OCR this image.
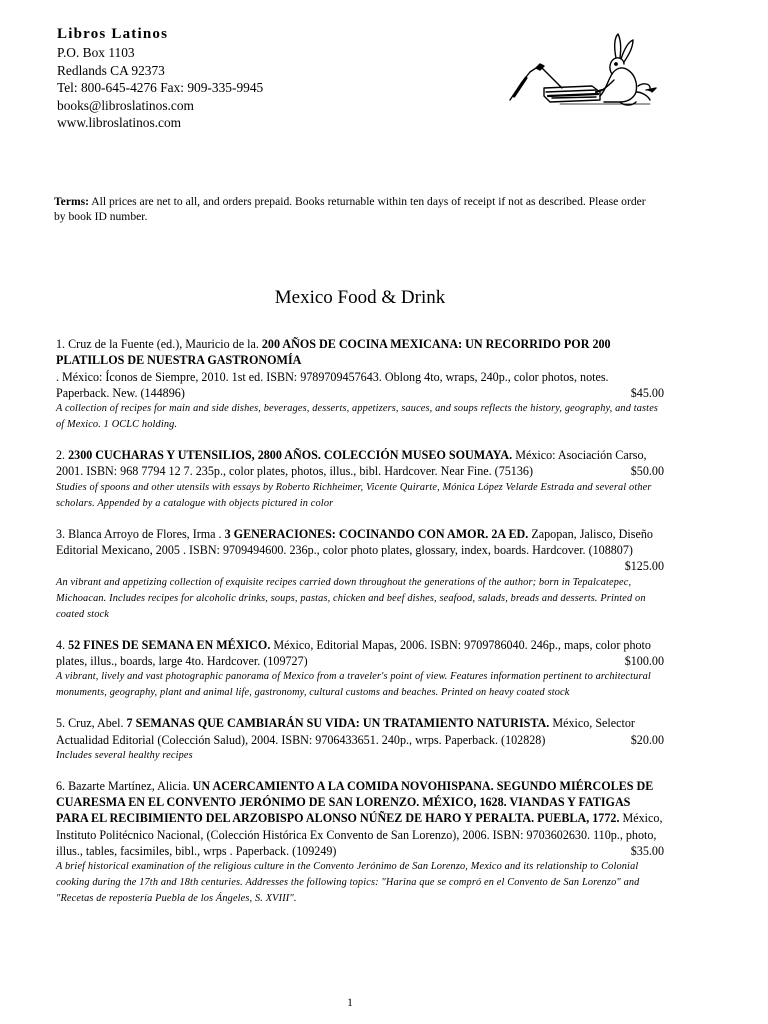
Libros Latinos
P.O. Box 1103
Redlands CA 92373
Tel: 800-645-4276 Fax: 909-335-9945
books@libroslatinos.com
www.libroslatinos.com
Terms: All prices are net to all, and orders prepaid. Books returnable within ten days of receipt if not as described. Please order by book ID number.
Mexico Food & Drink
1. Cruz de la Fuente (ed.), Mauricio de la. 200 AÑOS DE COCINA MEXICANA: UN RECORRIDO POR 200 PLATILLOS DE NUESTRA GASTRONOMÍA
. México: Íconos de Siempre, 2010. 1st ed. ISBN: 9789709457643. Oblong 4to, wraps, 240p., color photos, notes. Paperback. New. (144896)	$45.00
A collection of recipes for main and side dishes, beverages, desserts, appetizers, sauces, and soups reflects the history, geography, and tastes of Mexico. 1 OCLC holding.
2. 2300 CUCHARAS Y UTENSILIOS, 2800 AÑOS. COLECCIÓN MUSEO SOUMAYA. México: Asociación Carso, 2001. ISBN: 968 7794 12 7. 235p., color plates, photos, illus., bibl. Hardcover. Near Fine. (75136)	$50.00
Studies of spoons and other utensils with essays by Roberto Richheimer, Vicente Quirarte, Mónica López Velarde Estrada and several other scholars. Appended by a catalogue with objects pictured in color
3. Blanca Arroyo de Flores, Irma . 3 GENERACIONES: COCINANDO CON AMOR. 2A ED. Zapopan, Jalisco, Diseño Editorial Mexicano, 2005 . ISBN: 9709494600. 236p., color photo plates, glossary, index, boards. Hardcover. (108807)
$125.00
An vibrant and appetizing collection of exquisite recipes carried down throughout the generations of the author; born in Tepalcatepec, Michoacan. Includes recipes for alcoholic drinks, soups, pastas, chicken and beef dishes, seafood, salads, breads and desserts. Printed on coated stock
4. 52 FINES DE SEMANA EN MÉXICO. México, Editorial Mapas, 2006. ISBN: 9709786040. 246p., maps, color photo plates, illus., boards, large 4to. Hardcover. (109727)	$100.00
A vibrant, lively and vast photographic panorama of Mexico from a traveler's point of view. Features information pertinent to architectural monuments, geography, plant and animal life, gastronomy, cultural customs and beaches. Printed on heavy coated stock
5. Cruz, Abel. 7 SEMANAS QUE CAMBIARÁN SU VIDA: UN TRATAMIENTO NATURISTA. México, Selector Actualidad Editorial (Colección Salud), 2004. ISBN: 9706433651. 240p., wrps. Paperback. (102828)	$20.00
Includes several healthy recipes
6. Bazarte Martínez, Alicia. UN ACERCAMIENTO A LA COMIDA NOVOHISPANA. SEGUNDO MIÉRCOLES DE CUARESMA EN EL CONVENTO JERÓNIMO DE SAN LORENZO. MÉXICO, 1628. VIANDAS Y FATIGAS PARA EL RECIBIMIENTO DEL ARZOBISPO ALONSO NÚÑEZ DE HARO Y PERALTA. PUEBLA, 1772. México, Instituto Politécnico Nacional, (Colección Histórica Ex Convento de San Lorenzo), 2006. ISBN: 9703602630. 110p., photo, illus., tables, facsimiles, bibl., wrps . Paperback. (109249)	$35.00
A brief historical examination of the religious culture in the Convento Jerónimo de San Lorenzo, Mexico and its relationship to Colonial cooking during the 17th and 18th centuries. Addresses the following topics: "Harina que se compró en el Convento de San Lorenzo" and "Recetas de repostería Puebla de los Ángeles, S. XVIII".
1
